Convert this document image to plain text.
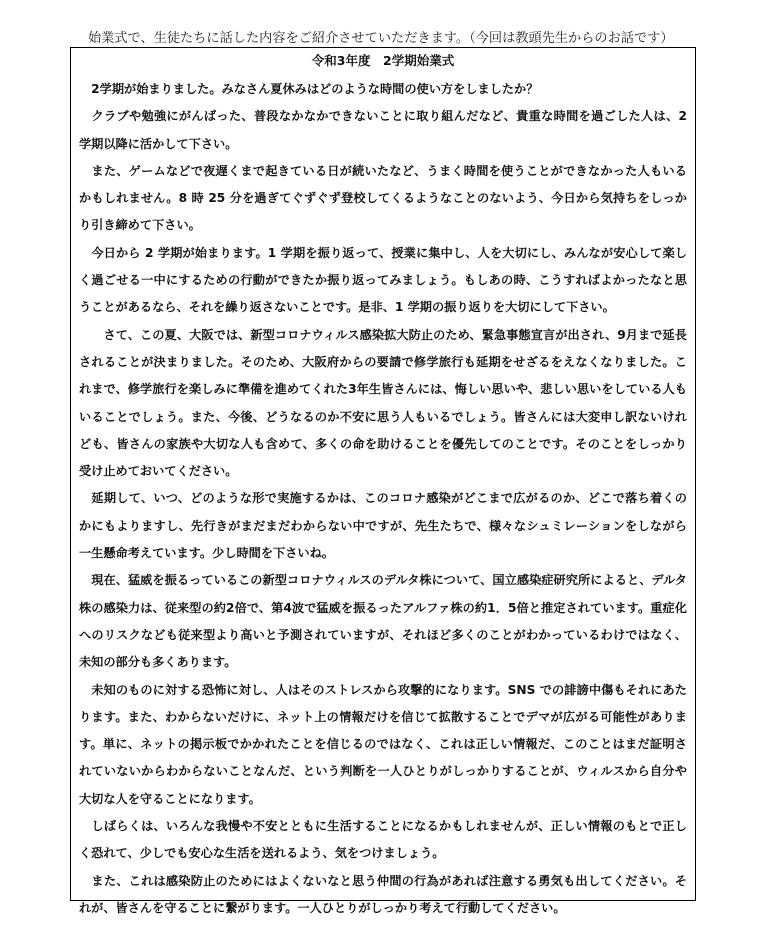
始業式で、生徒たちに話した内容をご紹介させていただきます。（今回は教頭先生からのお話です）
令和3年度　2学期始業式

　2学期が始まりました。みなさん夏休みはどのような時間の使い方をしましたか？

　クラブや勉強にがんばった、普段なかなかできないことに取り組んだなど、貴重な時間を過ごした人は、2 学期以降に活かして下さい。

　また、ゲームなどで夜遅くまで起きている日が続いたなど、うまく時間を使うことができなかった人もいるかもしれません。8 時 25 分を過ぎてぐずぐず登校してくるようなことのないよう、今日から気持ちをしっかり引き締めて下さい。

　今日から 2 学期が始まります。1 学期を振り返って、授業に集中し、人を大切にし、みんなが安心して楽しく過ごせる一中にするための行動ができたか振り返ってみましょう。もしあの時、こうすればよかったなと思うことがあるなら、それを繰り返さないことです。是非、1 学期の振り返りを大切にして下さい。

　　さて、この夏、大阪では、新型コロナウィルス感染拡大防止のため、緊急事態宣言が出され、9月まで延長されることが決まりました。そのため、大阪府からの要請で修学旅行も延期をせざるをえなくなりました。これまで、修学旅行を楽しみに準備を進めてくれた3年生皆さんには、悔しい思いや、悲しい思いをしている人もいることでしょう。また、今後、どうなるのか不安に思う人もいるでしょう。皆さんには大変申し訳ないけれども、皆さんの家族や大切な人も含めて、多くの命を助けることを優先してのことです。そのことをしっかり受け止めておいてください。

　延期して、いつ、どのような形で実施するかは、このコロナ感染がどこまで広がるのか、どこで落ち着くのかにもよりますし、先行きがまだまだわからない中ですが、先生たちで、様々なシュミレーションをしながら一生懸命考えています。少し時間を下さいね。

　現在、猛威を振るっているこの新型コロナウィルスのデルタ株について、国立感染症研究所によると、デルタ株の感染力は、従来型の約2倍で、第4波で猛威を振るったアルファ株の約1．5倍と推定されています。重症化へのリスクなども従来型より高いと予測されていますが、それほど多くのことがわかっているわけではなく、未知の部分も多くあります。

　未知のものに対する恐怖に対し、人はそのストレスから攻撃的になります。SNS での誹謗中傷もそれにあたります。また、わからないだけに、ネット上の情報だけを信じて拡散することでデマが広がる可能性があります。単に、ネットの掲示板でかかれたことを信じるのではなく、これは正しい情報だ、このことはまだ証明されていないからわからないことなんだ、という判断を一人ひとりがしっかりすることが、ウィルスから自分や大切な人を守ることになります。

　しばらくは、いろんな我慢や不安とともに生活することになるかもしれませんが、正しい情報のもとで正しく恐れて、少しでも安心な生活を送れるよう、気をつけましょう。

　また、これは感染防止のためにはよくないなと思う仲間の行為があれば注意する勇気も出してください。それが、皆さんを守ることに繋がります。一人ひとりがしっかり考えて行動してください。
